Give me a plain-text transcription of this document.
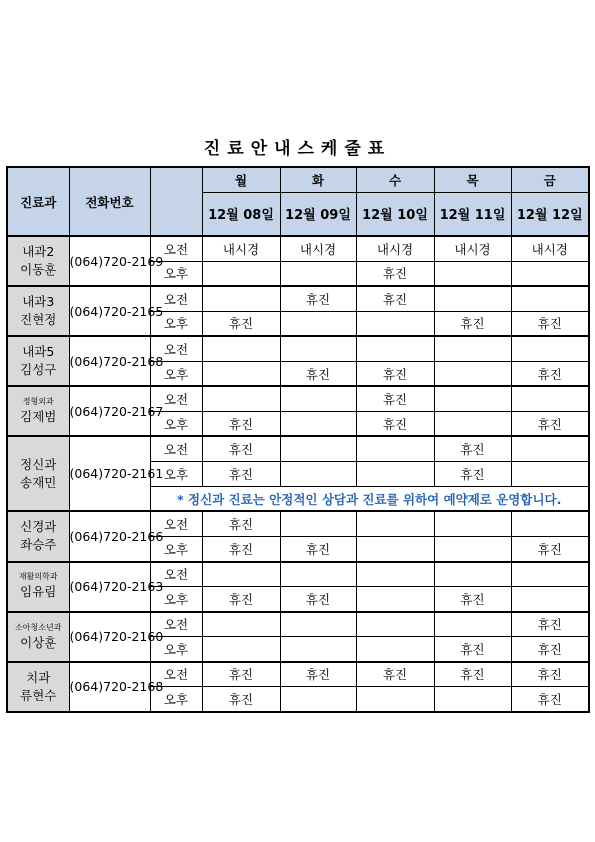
진료안내스케줄표
진료과	전화번호		월	화	수	목	금
			12월 08일	12월 09일	12월 10일	12월 11일	12월 12일

내과2
이동훈	(064)720-2169	오전	내시경	내시경	내시경	내시경	내시경
		오후			휴진		

내과3
진현정	(064)720-2165	오전		휴진	휴진		
		오후	휴진			휴진	휴진

내과5
김성구	(064)720-2168	오전					
		오후		휴진	휴진		휴진

정형외과
김제범	(064)720-2167	오전			휴진		
		오후	휴진		휴진		휴진

정신과
송재민	(064)720-2161	오전	휴진			휴진	
		오후	휴진			휴진	
		* 정신과 진료는 안정적인 상담과 진료를 위하여 예약제로 운영합니다.					

신경과
좌승주	(064)720-2166	오전	휴진				
		오후	휴진	휴진			휴진

재활의학과
임유림	(064)720-2163	오전					
		오후	휴진	휴진		휴진	

소아청소년과
이상훈	(064)720-2160	오전					휴진
		오후				휴진	휴진

치과
류현수	(064)720-2168	오전	휴진	휴진	휴진	휴진	휴진
		오후	휴진				휴진
